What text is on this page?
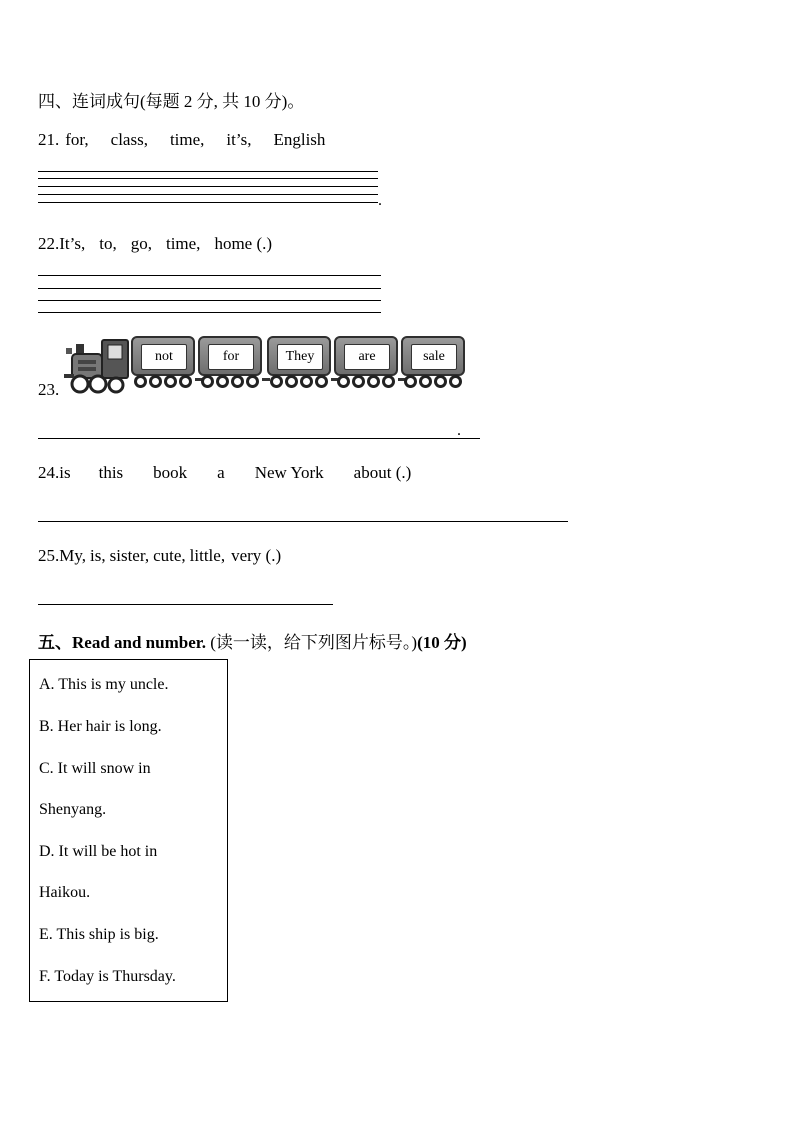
四、连词成句(每题 2 分, 共 10 分)。
21. for, class, time, it’s, English
.
22.It’s, to, go, time, home (.)
23.
not	for	They	are	sale
.
24.is this book a New York about (.)
25.My, is, sister, cute, little, very (.)
五、Read and number. (读一读，给下列图片标号。)(10 分)
A. This is my uncle.
B. Her hair is long.
C. It will snow in
Shenyang.
D. It will be hot in
Haikou.
E. This ship is big.
F. Today is Thursday.
